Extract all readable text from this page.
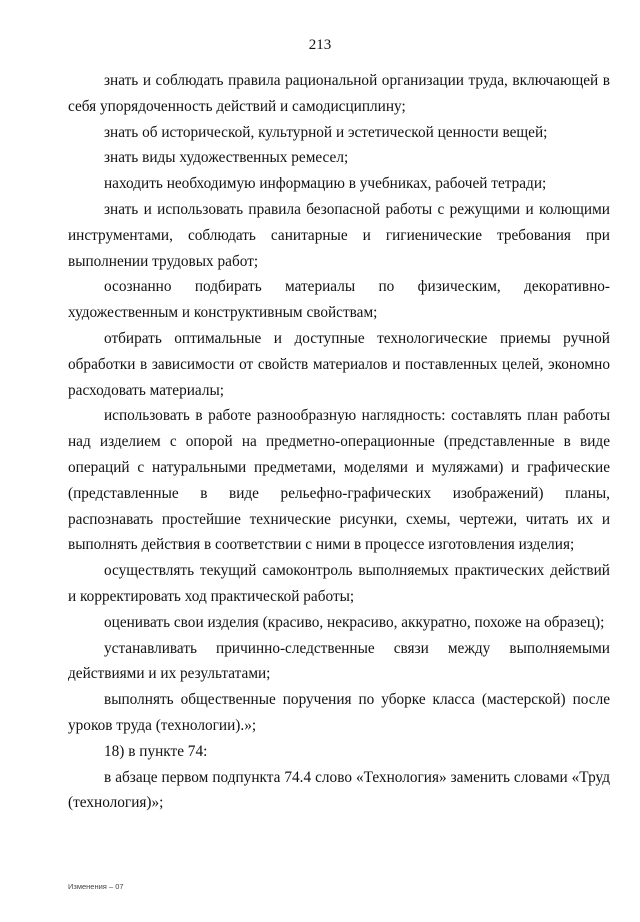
213

знать и соблюдать правила рациональной организации труда, включающей в себя упорядоченность действий и самодисциплину;

знать об исторической, культурной и эстетической ценности вещей;

знать виды художественных ремесел;

находить необходимую информацию в учебниках, рабочей тетради;

знать и использовать правила безопасной работы с режущими и колющими инструментами, соблюдать санитарные и гигиенические требования при выполнении трудовых работ;

осознанно подбирать материалы по физическим, декоративно-художественным и конструктивным свойствам;

отбирать оптимальные и доступные технологические приемы ручной обработки в зависимости от свойств материалов и поставленных целей, экономно расходовать материалы;

использовать в работе разнообразную наглядность: составлять план работы над изделием с опорой на предметно-операционные (представленные в виде операций с натуральными предметами, моделями и муляжами) и графические (представленные в виде рельефно-графических изображений) планы, распознавать простейшие технические рисунки, схемы, чертежи, читать их и выполнять действия в соответствии с ними в процессе изготовления изделия;

осуществлять текущий самоконтроль выполняемых практических действий и корректировать ход практической работы;

оценивать свои изделия (красиво, некрасиво, аккуратно, похоже на образец);

устанавливать причинно-следственные связи между выполняемыми действиями и их результатами;

выполнять общественные поручения по уборке класса (мастерской) после уроков труда (технологии).»;

18) в пункте 74:

в абзаце первом подпункта 74.4 слово «Технология» заменить словами «Труд (технология)»;

Изменения – 07
